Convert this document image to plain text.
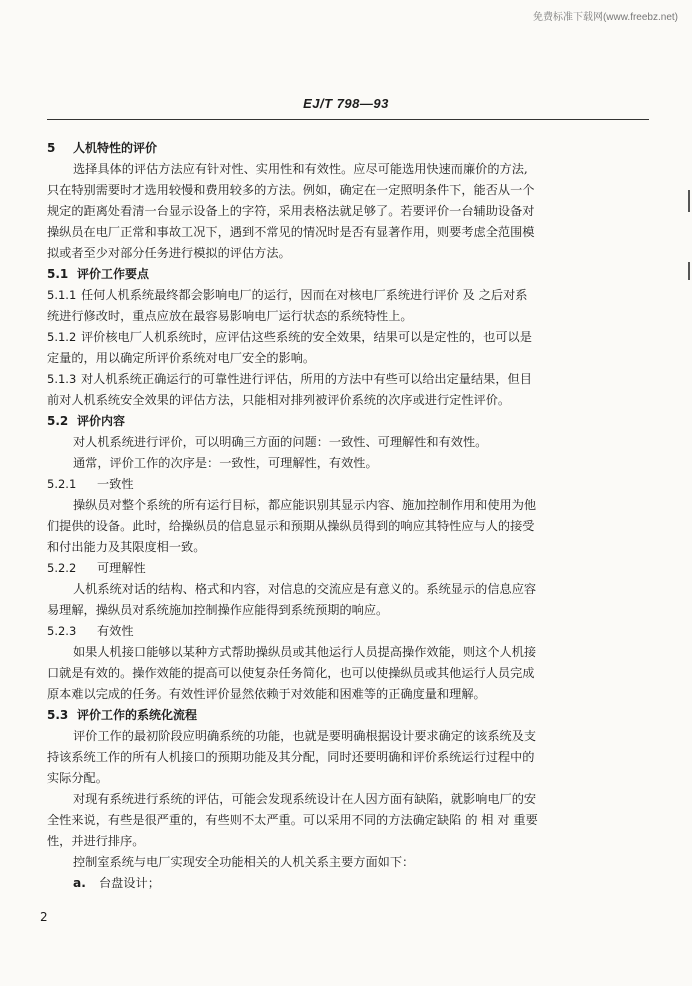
免费标准下载网(www.freebz.net)
EJ/T 798—93
5 人机特性的评价
选择具体的评估方法应有针对性、实用性和有效性。应尽可能选用快速而廉价的方法,
只在特别需要时才选用较慢和费用较多的方法。例如，确定在一定照明条件下，能否从一个
规定的距离处看清一台显示设备上的字符，采用表格法就足够了。若要评价一台辅助设备对
操纵员在电厂正常和事故工况下，遇到不常见的情况时是否有显著作用，则要考虑全范围模
拟或者至少对部分任务进行模拟的评估方法。
5.1 评价工作要点
5.1.1 任何人机系统最终都会影响电厂的运行，因而在对核电厂系统进行评价 及 之后对系
统进行修改时，重点应放在最容易影响电厂运行状态的系统特性上。
5.1.2 评价核电厂人机系统时，应评估这些系统的安全效果，结果可以是定性的，也可以是
定量的，用以确定所评价系统对电厂安全的影响。
5.1.3 对人机系统正确运行的可靠性进行评估，所用的方法中有些可以给出定量结果，但目
前对人机系统安全效果的评估方法，只能相对排列被评价系统的次序或进行定性评价。
5.2 评价内容
对人机系统进行评价，可以明确三方面的问题：一致性、可理解性和有效性。
通常，评价工作的次序是：一致性，可理解性，有效性。
5.2.1 一致性
操纵员对整个系统的所有运行目标，都应能识别其显示内容、施加控制作用和使用为他
们提供的设备。此时，给操纵员的信息显示和预期从操纵员得到的响应其特性应与人的接受
和付出能力及其限度相一致。
5.2.2 可理解性
人机系统对话的结构、格式和内容，对信息的交流应是有意义的。系统显示的信息应容
易理解，操纵员对系统施加控制操作应能得到系统预期的响应。
5.2.3 有效性
如果人机接口能够以某种方式帮助操纵员或其他运行人员提高操作效能，则这个人机接
口就是有效的。操作效能的提高可以使复杂任务简化，也可以使操纵员或其他运行人员完成
原本难以完成的任务。有效性评价显然依赖于对效能和困难等的正确度量和理解。
5.3 评价工作的系统化流程
评价工作的最初阶段应明确系统的功能，也就是要明确根据设计要求确定的该系统及支
持该系统工作的所有人机接口的预期功能及其分配，同时还要明确和评价系统运行过程中的
实际分配。
对现有系统进行系统的评估，可能会发现系统设计在人因方面有缺陷，就影响电厂的安
全性来说，有些是很严重的，有些则不太严重。可以采用不同的方法确定缺陷 的 相 对 重要
性，并进行排序。
控制室系统与电厂实现安全功能相关的人机关系主要方面如下：
a. 台盘设计；
2
